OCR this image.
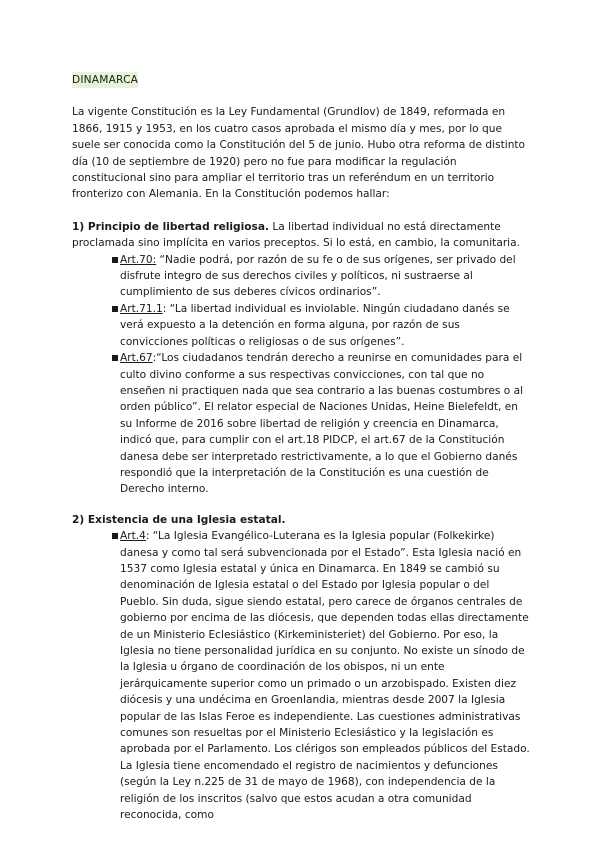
DINAMARCA

La vigente Constitución es la Ley Fundamental (Grundlov) de 1849, reformada en 1866, 1915 y 1953, en los cuatro casos aprobada el mismo día y mes, por lo que suele ser conocida como la Constitución del 5 de junio. Hubo otra reforma de distinto día (10 de septiembre de 1920) pero no fue para modificar la regulación constitucional sino para ampliar el territorio tras un referéndum en un territorio fronterizo con Alemania. En la Constitución podemos hallar:

1) Principio de libertad religiosa. La libertad individual no está directamente proclamada sino implícita en varios preceptos. Si lo está, en cambio, la comunitaria.

Art.70: “Nadie podrá, por razón de su fe o de sus orígenes, ser privado del disfrute integro de sus derechos civiles y políticos, ni sustraerse al cumplimiento de sus deberes cívicos ordinarios”.
Art.71.1: “La libertad individual es inviolable. Ningún ciudadano danés se verá expuesto a la detención en forma alguna, por razón de sus convicciones políticas o religiosas o de sus orígenes”.
Art.67:“Los ciudadanos tendrán derecho a reunirse en comunidades para el culto divino conforme a sus respectivas convicciones, con tal que no enseñen ni practiquen nada que sea contrario a las buenas costumbres o al orden público”. El relator especial de Naciones Unidas, Heine Bielefeldt, en su Informe de 2016 sobre libertad de religión y creencia en Dinamarca, indicó que, para cumplir con el art.18 PIDCP, el art.67 de la Constitución danesa debe ser interpretado restrictivamente, a lo que el Gobierno danés respondió que la interpretación de la Constitución es una cuestión de Derecho interno.

2) Existencia de una Iglesia estatal.

Art.4: “La Iglesia Evangélico-Luterana es la Iglesia popular (Folkekirke) danesa y como tal será subvencionada por el Estado”. Esta Iglesia nació en 1537 como Iglesia estatal y única en Dinamarca. En 1849 se cambió su denominación de Iglesia estatal o del Estado por Iglesia popular o del Pueblo. Sin duda, sigue siendo estatal, pero carece de órganos centrales de gobierno por encima de las diócesis, que dependen todas ellas directamente de un Ministerio Eclesiástico (Kirkeministeriet) del Gobierno. Por eso, la Iglesia no tiene personalidad jurídica en su conjunto. No existe un sínodo de la Iglesia u órgano de coordinación de los obispos, ni un ente jerárquicamente superior como un primado o un arzobispado. Existen diez diócesis y una undécima en Groenlandia, mientras desde 2007 la Iglesia popular de las Islas Feroe es independiente. Las cuestiones administrativas comunes son resueltas por el Ministerio Eclesiástico y la legislación es aprobada por el Parlamento. Los clérigos son empleados públicos del Estado. La Iglesia tiene encomendado el registro de nacimientos y defunciones (según la Ley n.225 de 31 de mayo de 1968), con independencia de la religión de los inscritos (salvo que estos acudan a otra comunidad reconocida, como
